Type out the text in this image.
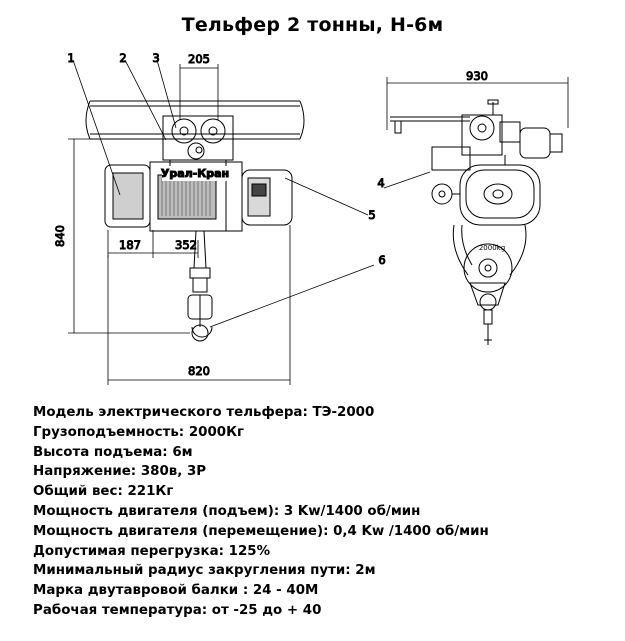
Тельфер 2 тонны, Н-6м
Урал-Кран
1	2 3
4
5
6
205
840	187	352
820
930
2000kg
Модель электрического тельфера: ТЭ-2000
Грузоподъемность: 2000Кг
Высота подъема: 6м
Напряжение: 380в, 3Р
Общий вес: 221Кг
Мощность двигателя (подъем): 3 Kw/1400 об/мин
Мощность двигателя (перемещение): 0,4 Kw /1400 об/мин
Допустимая перегрузка: 125%
Минимальный радиус закругления пути: 2м
Марка двутавровой балки : 24 - 40М
Рабочая температура: от -25 до + 40
